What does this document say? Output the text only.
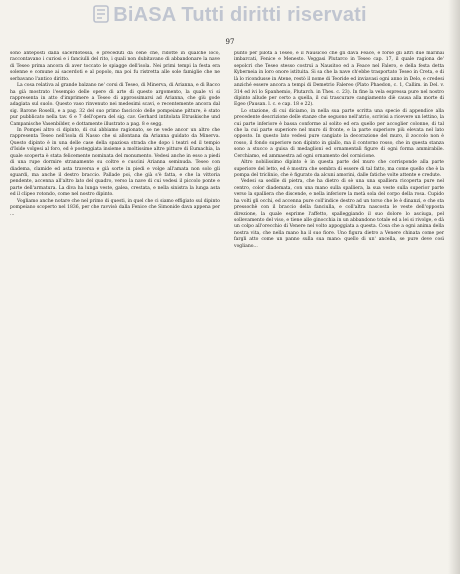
BiASA Tutti diritti riservati
97

sono anteposti dalla sacerdotessa, e preceduti da cene che, ridotte in qualche loco, raccontavano i curiosi e i fanciulli del rito, i quali non dubitavano di abbandonare la nave di Teseo prima ancora di aver toccato le spiagge dell'isola. Nei primi tempi la festa era solenne e comune ai sacerdoti e al popolo, ma poi fu ristretta alle sole famiglie che ne serbavano l'antico diritto.

La cosa relativa al grande balzano ne' corsi di Teseo, di Minerva, di Arianna, e di Bacco ha già mostrato l'esempio delle opere di arte di questo argomento, la quale vi si rappresenta in atto d'imprimere a Teseo di approssimarsi ad Arianna, che giù gode adagiata sul suolo. Questo vaso rinvenuto nei medesimi scavi, e recentemente ancora dal sig. Barone Roselli, e a pag. 32 del suo primo fascicolo delle pompeiane pitture, è stato pur pubblicato nella tav. 6 e 7 dell'opera del sig. cav. Gerhard intitolata Etruskische und Campanische Vasenbilder, e dottamente illustrato a pag. 8 e segg.

In Pompei altro ci dipinto, di cui abbiamo ragionato, se ne vede ancor un altro che rappresenta Teseo nell'isola di Nasso che si allontana da Arianna guidato da Minerva. Questo dipinto è in una delle case della spaziosa strada che dopo i teatri ed il tempio d'Iside volgesi al foro, ed è posteggiata insieme a moltissime altre pitture di Eumachia, la quale scoperta è stata felicemente nominata del monumento. Vedesi anche in esso a piedi di una rupe dormire stranamente su coltre e cuscini Arianna seminuda. Teseo con diadema, clamide ed asta traversa e già sorte in piedi e volge all'amata non solo gli sguardi, ma anche il destro braccio. Pallade poi, che già s'è fatta, e che la vittoria pendente, accenna all'altro lato del quadro, verso la nave di cui vedesi il piccolo ponte e parte dell'armatura. La diva ha lunga veste, galea, crestata, e nella sinistra la lunga asta ed il clipeo rotondo, come nel nostro dipinto.

Vogliamo anche notare che nel primo di questi, in quel che ci siamo effigiato sul dipinto pompeiano scoperto nel 1836, per che ravvisò dalla Fenice che Simonide dava appena per ...

punto per pilota a Teseo, e il Nausicoo che gli dava Feace, e forse gli altri due marinai imbarcati, Fenice e Menesto. Veggasi Plutarco in Teseo cap. 17, il quale ragiona de' sepolcri che Teseo stesso costruì a Nausitoo ed a Feace nel Falero, e della festa detta Kyberneia in loro onore istituita. Si sa che la nave ch'ebbe trasportato Teseo in Creta, e di là lo ricondusse in Atene, restò il nome di Teoride ed inviavasi ogni anno in Delo, e credesi anziché essere ancora a tempi di Demetrio Falereo (Plato Phaedon, c. 1, Callim. in Del. v. 314 ed ivi lo Spanhemio, Plutarch. in Thes. c. 23). In fine la vela espressa pure nel nostro dipinto allude per certo a quella, il cui trascurare cangiamento diè causa alla morte di Egeo (Pausan. l. c. e cap. 18 e 22).

Lo stazione, di cui diciamo, in nella sua parte scritta una specie di appendice alla precedente descrizione delle stanze che seguono nell'atrio, scrivisi a ricevere un lettino, la cui parte inferiore è bassa conforme al solito ed era quello per accoglier colonne, di tal che la cui parte superiore nel muro di fronte, e la parte superiore più elevata nel lato opposto. In questo lato vedesi pure cangiato la decorazione del muro, il zoccolo non è rosso, il fondo superiore non dipinto in giallo, ma il contorno rosso, che in questa stanza sono a stucco a guisa di medaglioni ed ornamentali figure di ogni forma ammirabile. Cerchiamo, ed ammaestra ad ogni ornamento del cornicione.

Altro nobilissimo dipinto è in questa parte del muro che corrisponde alla parte superiore del letto, ed è mostra che sembra di essere di tal fatto, ma come quello che è la pompa del triclinio, che è figurato da alcuni amorini, dalle fatiche volte attente e credute.

Vedesi sa sedile di pietra, che ha dietro di sè una una spalliera ricoperta pure nel centro, color diademata, con una mano sulla spalliera, la sua veste sulla superior parte verso la spalliera che discende, e nella inferiore la metà sola del corpo della rosa. Cupido ha volti gli occhi, ed accenna pure coll'indice destro ad un torso che le è dinanzi, e che sta pressochè con il braccio della fanciulla, e coll'altra nascosta le veste dell'opposta direzione, la quale esprime l'affetto, spalleggiando il suo dolore lo asciuga, pel sollevamento del viso, e tiene alle ginocchia in un abbandono totale ed a lei si rivolge, e dà un colpo all'orecchio di Venere nel volto appoggiata a questa. Cosa che a ogni anima della nostra vita, che nella mano ha il suo fiore. Uno figura dietro a Venere chinata come per fargli atto come un panno sulla sua mano: quello di un' ancella, se pure deve così vogliano...
